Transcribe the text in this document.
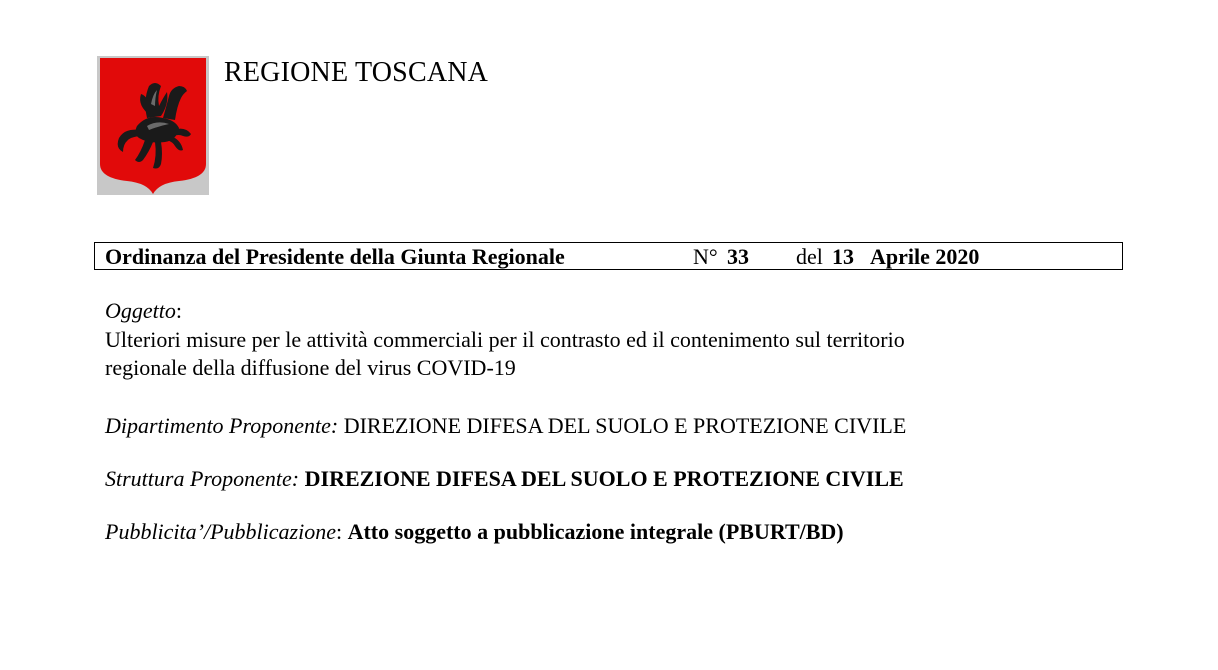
REGIONE TOSCANA
Ordinanza del Presidente della Giunta Regionale	N° 33 del 13 Aprile 2020
Oggetto:
Ulteriori misure per le attività commerciali per il contrasto ed il contenimento sul territorio
regionale della diffusione del virus COVID-19
Dipartimento Proponente: DIREZIONE DIFESA DEL SUOLO E PROTEZIONE CIVILE
Struttura Proponente: DIREZIONE DIFESA DEL SUOLO E PROTEZIONE CIVILE
Pubblicita’/Pubblicazione: Atto soggetto a pubblicazione integrale (PBURT/BD)
